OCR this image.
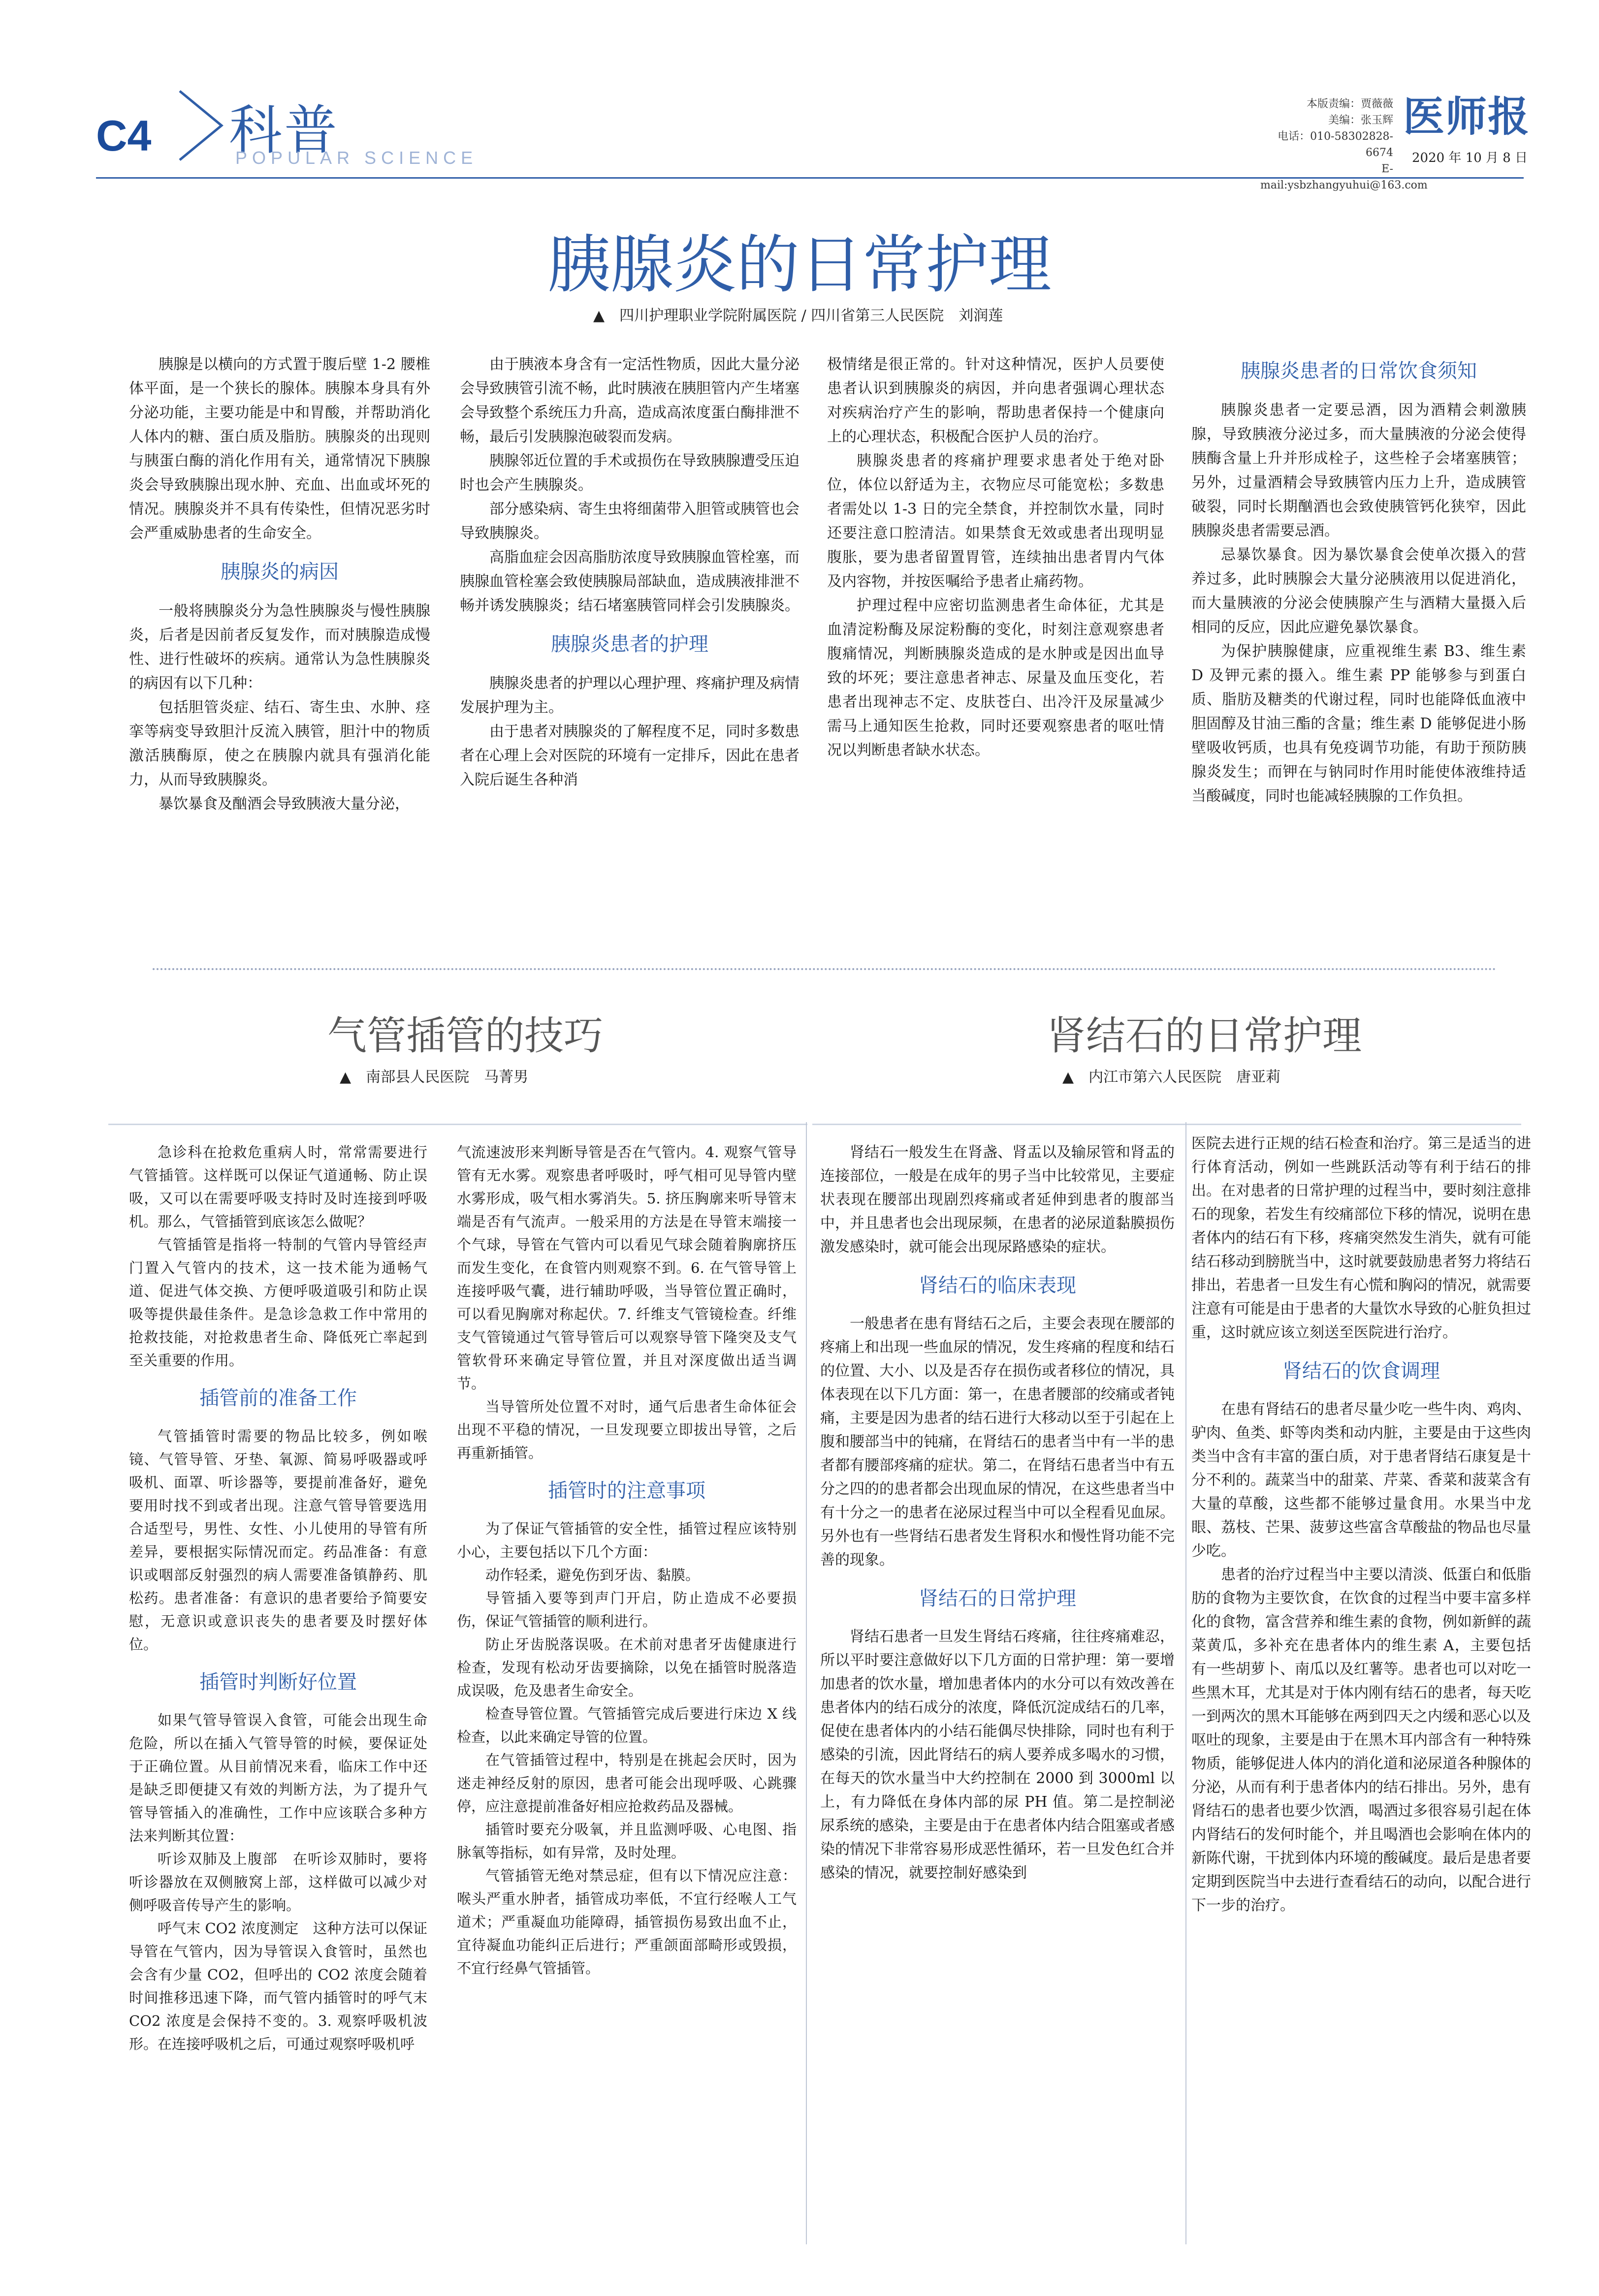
C4 科普
POPULAR SCIENCE
本版责编：贾薇薇
美编：张玉辉
电话：010-58302828-6674
E-mail:ysbzhangyuhui@163.com
医师报
2020 年 10 月 8 日
胰腺炎的日常护理
▲　四川护理职业学院附属医院 / 四川省第三人民医院　刘润莲

胰腺是以横向的方式置于腹后壁 1-2 腰椎体平面，是一个狭长的腺体。胰腺本身具有外分泌功能，主要功能是中和胃酸，并帮助消化人体内的糖、蛋白质及脂肪。胰腺炎的出现则与胰蛋白酶的消化作用有关，通常情况下胰腺炎会导致胰腺出现水肿、充血、出血或坏死的情况。胰腺炎并不具有传染性，但情况恶劣时会严重威胁患者的生命安全。

胰腺炎的病因

一般将胰腺炎分为急性胰腺炎与慢性胰腺炎，后者是因前者反复发作，而对胰腺造成慢性、进行性破坏的疾病。通常认为急性胰腺炎的病因有以下几种：

包括胆管炎症、结石、寄生虫、水肿、痉挛等病变导致胆汁反流入胰管，胆汁中的物质激活胰酶原，使之在胰腺内就具有强消化能力，从而导致胰腺炎。

暴饮暴食及酗酒会导致胰液大量分泌，

由于胰液本身含有一定活性物质，因此大量分泌会导致胰管引流不畅，此时胰液在胰胆管内产生堵塞会导致整个系统压力升高，造成高浓度蛋白酶排泄不畅，最后引发胰腺泡破裂而发病。

胰腺邻近位置的手术或损伤在导致胰腺遭受压迫时也会产生胰腺炎。

部分感染病、寄生虫将细菌带入胆管或胰管也会导致胰腺炎。

高脂血症会因高脂肪浓度导致胰腺血管栓塞，而胰腺血管栓塞会致使胰腺局部缺血，造成胰液排泄不畅并诱发胰腺炎；结石堵塞胰管同样会引发胰腺炎。

胰腺炎患者的护理

胰腺炎患者的护理以心理护理、疼痛护理及病情发展护理为主。

由于患者对胰腺炎的了解程度不足，同时多数患者在心理上会对医院的环境有一定排斥，因此在患者入院后诞生各种消

极情绪是很正常的。针对这种情况，医护人员要使患者认识到胰腺炎的病因，并向患者强调心理状态对疾病治疗产生的影响，帮助患者保持一个健康向上的心理状态，积极配合医护人员的治疗。

胰腺炎患者的疼痛护理要求患者处于绝对卧位，体位以舒适为主，衣物应尽可能宽松；多数患者需处以 1-3 日的完全禁食，并控制饮水量，同时还要注意口腔清洁。如果禁食无效或患者出现明显腹胀，要为患者留置胃管，连续抽出患者胃内气体及内容物，并按医嘱给予患者止痛药物。

护理过程中应密切监测患者生命体征，尤其是血清淀粉酶及尿淀粉酶的变化，时刻注意观察患者腹痛情况，判断胰腺炎造成的是水肿或是因出血导致的坏死；要注意患者神志、尿量及血压变化，若患者出现神志不定、皮肤苍白、出冷汗及尿量减少需马上通知医生抢救，同时还要观察患者的呕吐情况以判断患者缺水状态。

胰腺炎患者的日常饮食须知

胰腺炎患者一定要忌酒，因为酒精会刺激胰腺，导致胰液分泌过多，而大量胰液的分泌会使得胰酶含量上升并形成栓子，这些栓子会堵塞胰管；另外，过量酒精会导致胰管内压力上升，造成胰管破裂，同时长期酗酒也会致使胰管钙化狭窄，因此胰腺炎患者需要忌酒。

忌暴饮暴食。因为暴饮暴食会使单次摄入的营养过多，此时胰腺会大量分泌胰液用以促进消化，而大量胰液的分泌会使胰腺产生与酒精大量摄入后相同的反应，因此应避免暴饮暴食。

为保护胰腺健康，应重视维生素 B3、维生素 D 及钾元素的摄入。维生素 PP 能够参与到蛋白质、脂肪及糖类的代谢过程，同时也能降低血液中胆固醇及甘油三酯的含量；维生素 D 能够促进小肠壁吸收钙质，也具有免疫调节功能，有助于预防胰腺炎发生；而钾在与钠同时作用时能使体液维持适当酸碱度，同时也能减轻胰腺的工作负担。

气管插管的技巧
▲　南部县人民医院　马菁男

急诊科在抢救危重病人时，常常需要进行气管插管。这样既可以保证气道通畅、防止误吸，又可以在需要呼吸支持时及时连接到呼吸机。那么，气管插管到底该怎么做呢？

气管插管是指将一特制的气管内导管经声门置入气管内的技术，这一技术能为通畅气道、促进气体交换、方便呼吸道吸引和防止误吸等提供最佳条件。是急诊急救工作中常用的抢救技能，对抢救患者生命、降低死亡率起到至关重要的作用。

插管前的准备工作

气管插管时需要的物品比较多，例如喉镜、气管导管、牙垫、氧源、简易呼吸器或呼吸机、面罩、听诊器等，要提前准备好，避免要用时找不到或者出现。注意气管导管要选用合适型号，男性、女性、小儿使用的导管有所差异，要根据实际情况而定。药品准备：有意识或咽部反射强烈的病人需要准备镇静药、肌松药。患者准备：有意识的患者要给予简要安慰，无意识或意识丧失的患者要及时摆好体位。

插管时判断好位置

如果气管导管误入食管，可能会出现生命危险，所以在插入气管导管的时候，要保证处于正确位置。从目前情况来看，临床工作中还是缺乏即便捷又有效的判断方法，为了提升气管导管插入的准确性，工作中应该联合多种方法来判断其位置：

听诊双肺及上腹部　在听诊双肺时，要将听诊器放在双侧腋窝上部，这样做可以减少对侧呼吸音传导产生的影响。

呼气末 CO2 浓度测定　这种方法可以保证导管在气管内，因为导管误入食管时，虽然也会含有少量 CO2，但呼出的 CO2 浓度会随着时间推移迅速下降，而气管内插管时的呼气末 CO2 浓度是会保持不变的。3. 观察呼吸机波形。在连接呼吸机之后，可通过观察呼吸机呼

气流速波形来判断导管是否在气管内。4. 观察气管导管有无水雾。观察患者呼吸时，呼气相可见导管内壁水雾形成，吸气相水雾消失。5. 挤压胸廓来听导管末端是否有气流声。一般采用的方法是在导管末端接一个气球，导管在气管内可以看见气球会随着胸廓挤压而发生变化，在食管内则观察不到。6. 在气管导管上连接呼吸气囊，进行辅助呼吸，当导管位置正确时，可以看见胸廓对称起伏。7. 纤维支气管镜检查。纤维支气管镜通过气管导管后可以观察导管下隆突及支气管软骨环来确定导管位置，并且对深度做出适当调节。

当导管所处位置不对时，通气后患者生命体征会出现不平稳的情况，一旦发现要立即拔出导管，之后再重新插管。

插管时的注意事项

为了保证气管插管的安全性，插管过程应该特别小心，主要包括以下几个方面：

动作轻柔，避免伤到牙齿、黏膜。

导管插入要等到声门开启，防止造成不必要损伤，保证气管插管的顺利进行。

防止牙齿脱落误吸。在术前对患者牙齿健康进行检查，发现有松动牙齿要摘除，以免在插管时脱落造成误吸，危及患者生命安全。

检查导管位置。气管插管完成后要进行床边 X 线检查，以此来确定导管的位置。

在气管插管过程中，特别是在挑起会厌时，因为迷走神经反射的原因，患者可能会出现呼吸、心跳骤停，应注意提前准备好相应抢救药品及器械。

插管时要充分吸氧，并且监测呼吸、心电图、指脉氧等指标，如有异常，及时处理。

气管插管无绝对禁忌症，但有以下情况应注意：喉头严重水肿者，插管成功率低，不宜行经喉人工气道术；严重凝血功能障碍，插管损伤易致出血不止，宜待凝血功能纠正后进行；严重颌面部畸形或毁损，不宜行经鼻气管插管。

肾结石的日常护理
▲　内江市第六人民医院　唐亚莉

肾结石一般发生在肾盏、肾盂以及输尿管和肾盂的连接部位，一般是在成年的男子当中比较常见，主要症状表现在腰部出现剧烈疼痛或者延伸到患者的腹部当中，并且患者也会出现尿频，在患者的泌尿道黏膜损伤激发感染时，就可能会出现尿路感染的症状。

肾结石的临床表现

一般患者在患有肾结石之后，主要会表现在腰部的疼痛上和出现一些血尿的情况，发生疼痛的程度和结石的位置、大小、以及是否存在损伤或者移位的情况，具体表现在以下几方面：第一，在患者腰部的绞痛或者钝痛，主要是因为患者的结石进行大移动以至于引起在上腹和腰部当中的钝痛，在肾结石的患者当中有一半的患者都有腰部疼痛的症状。第二，在肾结石患者当中有五分之四的的患者都会出现血尿的情况，在这些患者当中有十分之一的患者在泌尿过程当中可以全程看见血尿。另外也有一些肾结石患者发生肾积水和慢性肾功能不完善的现象。

肾结石的日常护理

肾结石患者一旦发生肾结石疼痛，往往疼痛难忍，所以平时要注意做好以下几方面的日常护理：第一要增加患者的饮水量，增加患者体内的水分可以有效改善在患者体内的结石成分的浓度，降低沉淀成结石的几率，促使在患者体内的小结石能偶尽快排除，同时也有利于感染的引流，因此肾结石的病人要养成多喝水的习惯，在每天的饮水量当中大约控制在 2000 到 3000ml 以上，有力降低在身体内部的尿 PH 值。第二是控制泌尿系统的感染，主要是由于在患者体内结合阻塞或者感染的情况下非常容易形成恶性循环，若一旦发色红合并感染的情况，就要控制好感染到

医院去进行正规的结石检查和治疗。第三是适当的进行体育活动，例如一些跳跃活动等有利于结石的排出。在对患者的日常护理的过程当中，要时刻注意排石的现象，若发生有绞痛部位下移的情况，说明在患者体内的结石有下移，疼痛突然发生消失，就有可能结石移动到膀胱当中，这时就要鼓励患者努力将结石排出，若患者一旦发生有心慌和胸闷的情况，就需要注意有可能是由于患者的大量饮水导致的心脏负担过重，这时就应该立刻送至医院进行治疗。

肾结石的饮食调理

在患有肾结石的患者尽量少吃一些牛肉、鸡肉、驴肉、鱼类、虾等肉类和动内脏，主要是由于这些肉类当中含有丰富的蛋白质，对于患者肾结石康复是十分不利的。蔬菜当中的甜菜、芹菜、香菜和菠菜含有大量的草酸，这些都不能够过量食用。水果当中龙眼、荔枝、芒果、菠萝这些富含草酸盐的物品也尽量少吃。

患者的治疗过程当中主要以清淡、低蛋白和低脂肪的食物为主要饮食，在饮食的过程当中要丰富多样化的食物，富含营养和维生素的食物，例如新鲜的蔬菜黄瓜，多补充在患者体内的维生素 A，主要包括有一些胡萝卜、南瓜以及红薯等。患者也可以对吃一些黑木耳，尤其是对于体内刚有结石的患者，每天吃一到两次的黑木耳能够在两到四天之内缓和恶心以及呕吐的现象，主要是由于在黑木耳内部含有一种特殊物质，能够促进人体内的消化道和泌尿道各种腺体的分泌，从而有利于患者体内的结石排出。另外，患有肾结石的患者也要少饮酒，喝酒过多很容易引起在体内肾结石的发何时能个，并且喝酒也会影响在体内的新陈代谢，干扰到体内环境的酸碱度。最后是患者要定期到医院当中去进行查看结石的动向，以配合进行下一步的治疗。
